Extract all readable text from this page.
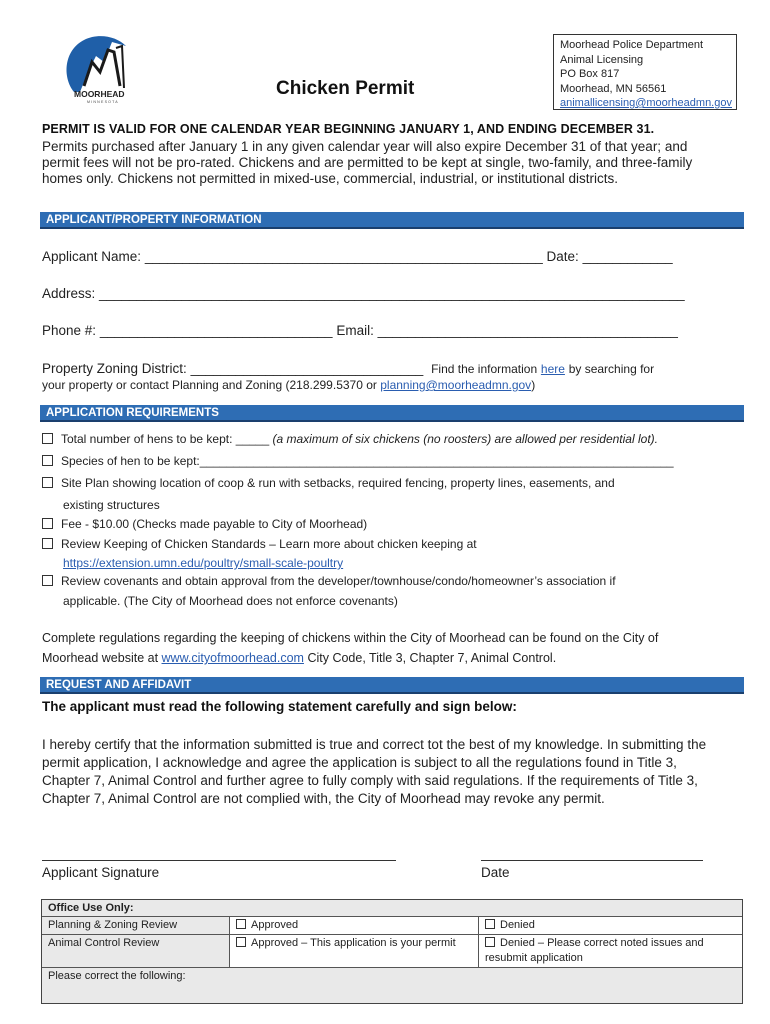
MOORHEAD
MINNESOTA
Chicken Permit
Moorhead Police Department
Animal Licensing
PO Box 817
Moorhead, MN 56561
animallicensing@moorheadmn.gov
PERMIT IS VALID FOR ONE CALENDAR YEAR BEGINNING JANUARY 1, AND ENDING DECEMBER 31.
Permits purchased after January 1 in any given calendar year will also expire December 31 of that year; and permit fees will not be pro-rated. Chickens and are permitted to be kept at single, two-family, and three-family homes only. Chickens not permitted in mixed-use, commercial, industrial, or institutional districts.
APPLICANT/PROPERTY INFORMATION
Applicant Name: _____________________________________________________ Date: ____________
Address: ______________________________________________________________________________
Phone #: _______________________________ Email: ________________________________________
Property Zoning District: _______________________________ Find the information here by searching for
your property or contact Planning and Zoning (218.299.5370 or planning@moorheadmn.gov)
APPLICATION REQUIREMENTS
Total number of hens to be kept: _____ (a maximum of six chickens (no roosters) are allowed per residential lot).
Species of hen to be kept:_______________________________________________________________________
Site Plan showing location of coop & run with setbacks, required fencing, property lines, easements, and
existing structures
Fee - $10.00 (Checks made payable to City of Moorhead)
Review Keeping of Chicken Standards – Learn more about chicken keeping at
https://extension.umn.edu/poultry/small-scale-poultry
Review covenants and obtain approval from the developer/townhouse/condo/homeowner’s association if
applicable. (The City of Moorhead does not enforce covenants)
Complete regulations regarding the keeping of chickens within the City of Moorhead can be found on the City of
Moorhead website at www.cityofmoorhead.com City Code, Title 3, Chapter 7, Animal Control.
REQUEST AND AFFIDAVIT
The applicant must read the following statement carefully and sign below:
I hereby certify that the information submitted is true and correct tot the best of my knowledge. In submitting the permit application, I acknowledge and agree the application is subject to all the regulations found in Title 3, Chapter 7, Animal Control and further agree to fully comply with said regulations. If the requirements of Title 3, Chapter 7, Animal Control are not complied with, the City of Moorhead may revoke any permit.
Applicant Signature	Date
Office Use Only:
Planning & Zoning Review	Approved	Denied
Animal Control Review	Approved – This application is your permit	Denied – Please correct noted issues and resubmit application
Please correct the following:		
